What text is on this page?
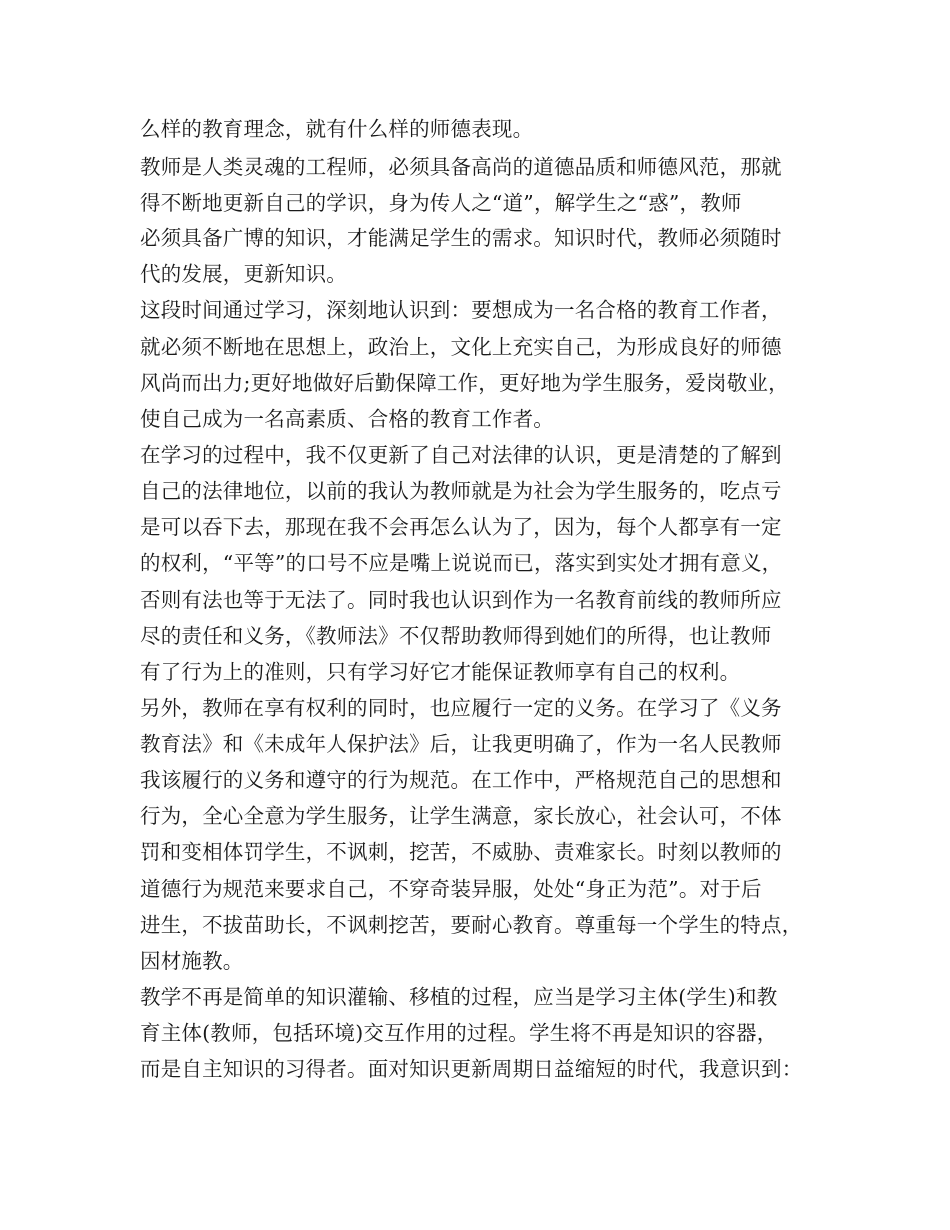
么样的教育理念，就有什么样的师德表现。
教师是人类灵魂的工程师，必须具备高尚的道德品质和师德风范，那就
得不断地更新自己的学识，身为传人之“道”，解学生之“惑”，教师
必须具备广博的知识，才能满足学生的需求。知识时代，教师必须随时
代的发展，更新知识。
这段时间通过学习，深刻地认识到：要想成为一名合格的教育工作者，
就必须不断地在思想上，政治上，文化上充实自己，为形成良好的师德
风尚而出力;更好地做好后勤保障工作，更好地为学生服务，爱岗敬业，
使自己成为一名高素质、合格的教育工作者。
在学习的过程中，我不仅更新了自己对法律的认识，更是清楚的了解到
自己的法律地位，以前的我认为教师就是为社会为学生服务的，吃点亏
是可以吞下去，那现在我不会再怎么认为了，因为，每个人都享有一定
的权利，“平等”的口号不应是嘴上说说而已，落实到实处才拥有意义，
否则有法也等于无法了。同时我也认识到作为一名教育前线的教师所应
尽的责任和义务，《教师法》不仅帮助教师得到她们的所得，也让教师
有了行为上的准则，只有学习好它才能保证教师享有自己的权利。
另外，教师在享有权利的同时，也应履行一定的义务。在学习了《义务
教育法》和《未成年人保护法》后，让我更明确了，作为一名人民教师
我该履行的义务和遵守的行为规范。在工作中，严格规范自己的思想和
行为，全心全意为学生服务，让学生满意，家长放心，社会认可，不体
罚和变相体罚学生，不讽刺，挖苦，不威胁、责难家长。时刻以教师的
道德行为规范来要求自己，不穿奇装异服，处处“身正为范”。对于后
进生，不拔苗助长，不讽刺挖苦，要耐心教育。尊重每一个学生的特点，
因材施教。
教学不再是简单的知识灌输、移植的过程，应当是学习主体(学生)和教
育主体(教师，包括环境)交互作用的过程。学生将不再是知识的容器，
而是自主知识的习得者。面对知识更新周期日益缩短的时代，我意识到：
